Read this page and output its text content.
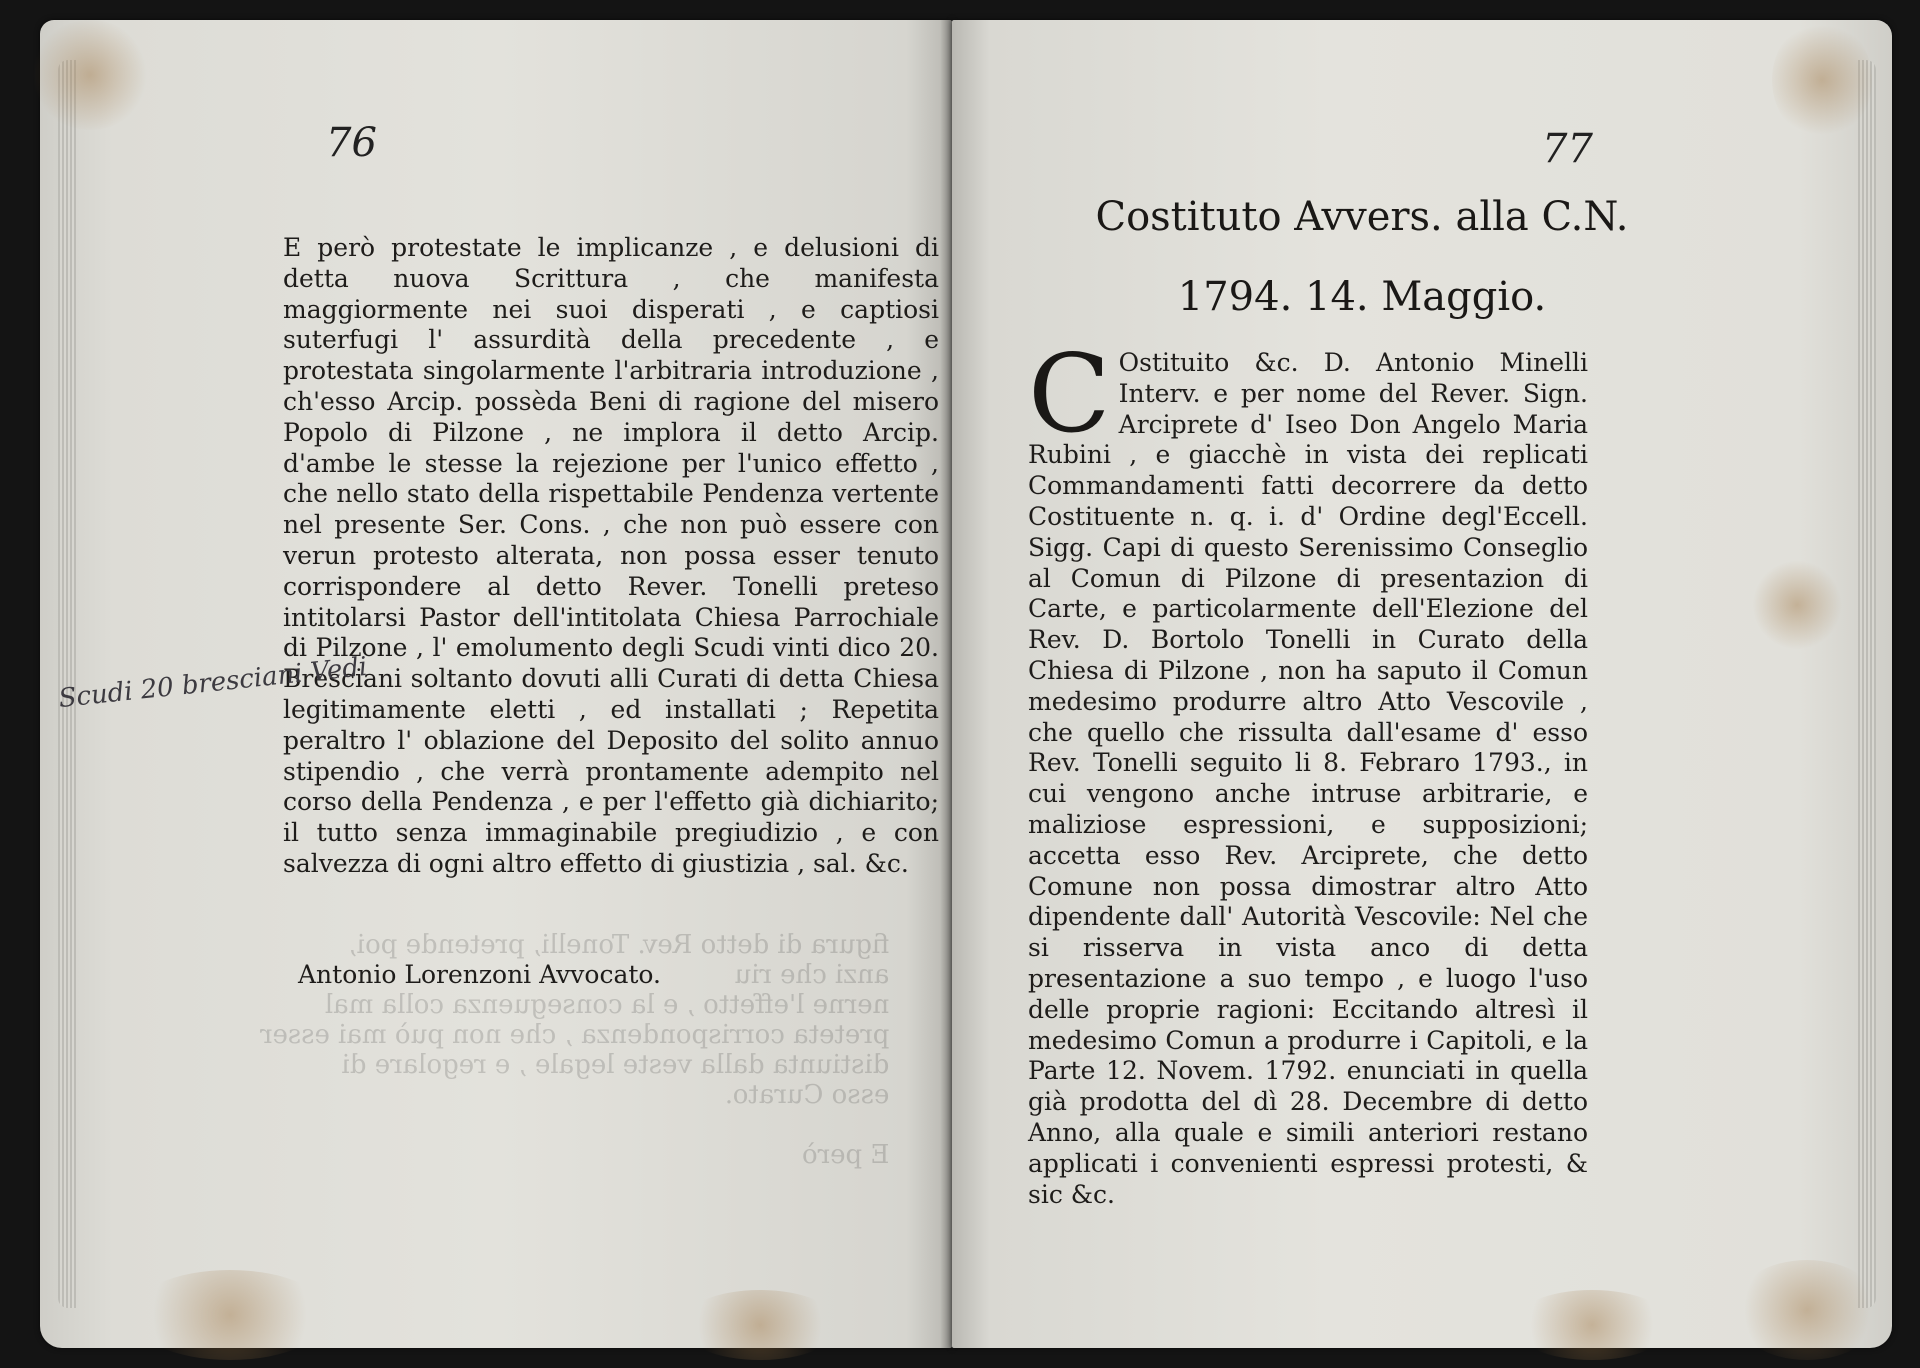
figura di detto Rev. Tonelli, pretende poi,
anzi che riu
nerne l'effetto , e la conseguenza colla mal
preteta corrispondenza , che non può mai esser
distiunta dalla veste legale , e regolare di
esso Curato.

E però
76

E però protestate le implicanze , e delusioni di detta nuova Scrittura , che manifesta maggiormente nei suoi disperati , e captiosi suterfugi l' assurdità della precedente , e protestata singolarmente l'arbitraria introduzione , ch'esso Arcip. possèda Beni di ragione del misero Popolo di Pilzone , ne implora il detto Arcip. d'ambe le stesse la rejezione per l'unico effetto , che nello stato della rispettabile Pendenza vertente nel presente Ser. Cons. , che non può essere con verun protesto alterata, non possa esser tenuto corrispondere al detto Rever. Tonelli preteso intitolarsi Pastor dell'intitolata Chiesa Parrochiale di Pilzone , l' emolumento degli Scudi vinti dico 20. Bresciani soltanto dovuti alli Curati di detta Chiesa legitimamente eletti , ed installati ; Repetita peraltro l' oblazione del Deposito del solito annuo stipendio , che verrà prontamente adempito nel corso della Pendenza , e per l'effetto già dichiarito; il tutto senza immaginabile pregiudizio , e con salvezza di ogni altro effetto di giustizia , sal. &c.

Antonio Lorenzoni Avvocato.
Scudi 20 bresciani Vedi
77
Costituto Avvers. alla C.N.
1794. 14. Maggio.
C Ostituito &c. D. Antonio Minelli Interv. e per nome del Rever. Sign. Arciprete d' Iseo Don Angelo Maria Rubini , e giacchè in vista dei replicati Commandamenti fatti decorrere da detto Costituente n. q. i. d' Ordine degl'Eccell. Sigg. Capi di questo Serenissimo Conseglio al Comun di Pilzone di presentazion di Carte, e particolarmente dell'Elezione del Rev. D. Bortolo Tonelli in Curato della Chiesa di Pilzone , non ha saputo il Comun medesimo produrre altro Atto Vescovile , che quello che rissulta dall'esame d' esso Rev. Tonelli seguito li 8. Febraro 1793., in cui vengono anche intruse arbitrarie, e maliziose espressioni, e supposizioni; accetta esso Rev. Arciprete, che detto Comune non possa dimostrar altro Atto dipendente dall' Autorità Vescovile: Nel che si risserva in vista anco di detta presentazione a suo tempo , e luogo l'uso delle proprie ragioni: Eccitando altresì il medesimo Comun a produrre i Capitoli, e la Parte 12. Novem. 1792. enunciati in quella già prodotta del dì 28. Decembre di detto Anno, alla quale e simili anteriori restano applicati i convenienti espressi protesti, & sic &c.
